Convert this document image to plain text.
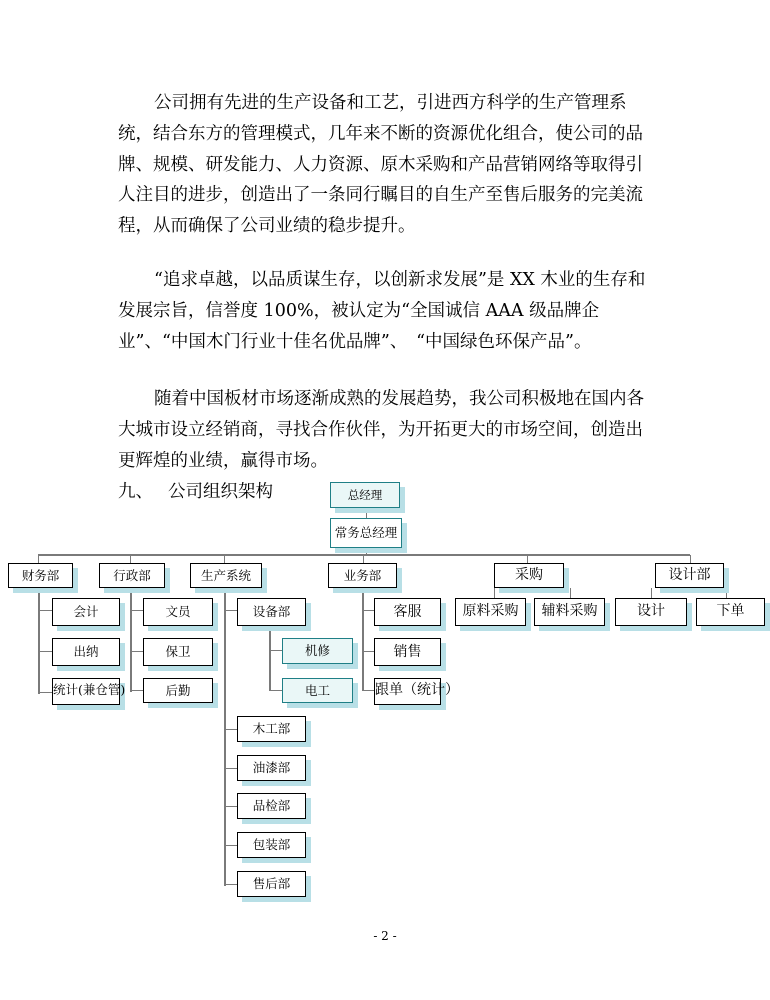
公司拥有先进的生产设备和工艺，引进西方科学的生产管理系统，结合东方的管理模式，几年来不断的资源优化组合，使公司的品牌、规模、研发能力、人力资源、原木采购和产品营销网络等取得引人注目的进步，创造出了一条同行瞩目的自生产至售后服务的完美流程，从而确保了公司业绩的稳步提升。

“追求卓越，以品质谋生存，以创新求发展”是 XX 木业的生存和发展宗旨，信誉度 100%，被认定为“全国诚信 AAA 级品牌企业”、“中国木门行业十佳名优品牌”、　“中国绿色环保产品”。

随着中国板材市场逐渐成熟的发展趋势，我公司积极地在国内各大城市设立经销商，寻找合作伙伴，为开拓更大的市场空间，创造出更辉煌的业绩，赢得市场。

九、 公司组织架构	总经理
常务总经理
财务部	行政部	生产系统	业务部	采购	设计部
会计
出纳
统计(兼仓管)
文员
保卫
后勤
设备部
机修
电工
木工部
油漆部
品检部
包装部
售后部
客服
销售
跟单（统计）
原料采购	辅料采购	设计	下单
- 2 -
